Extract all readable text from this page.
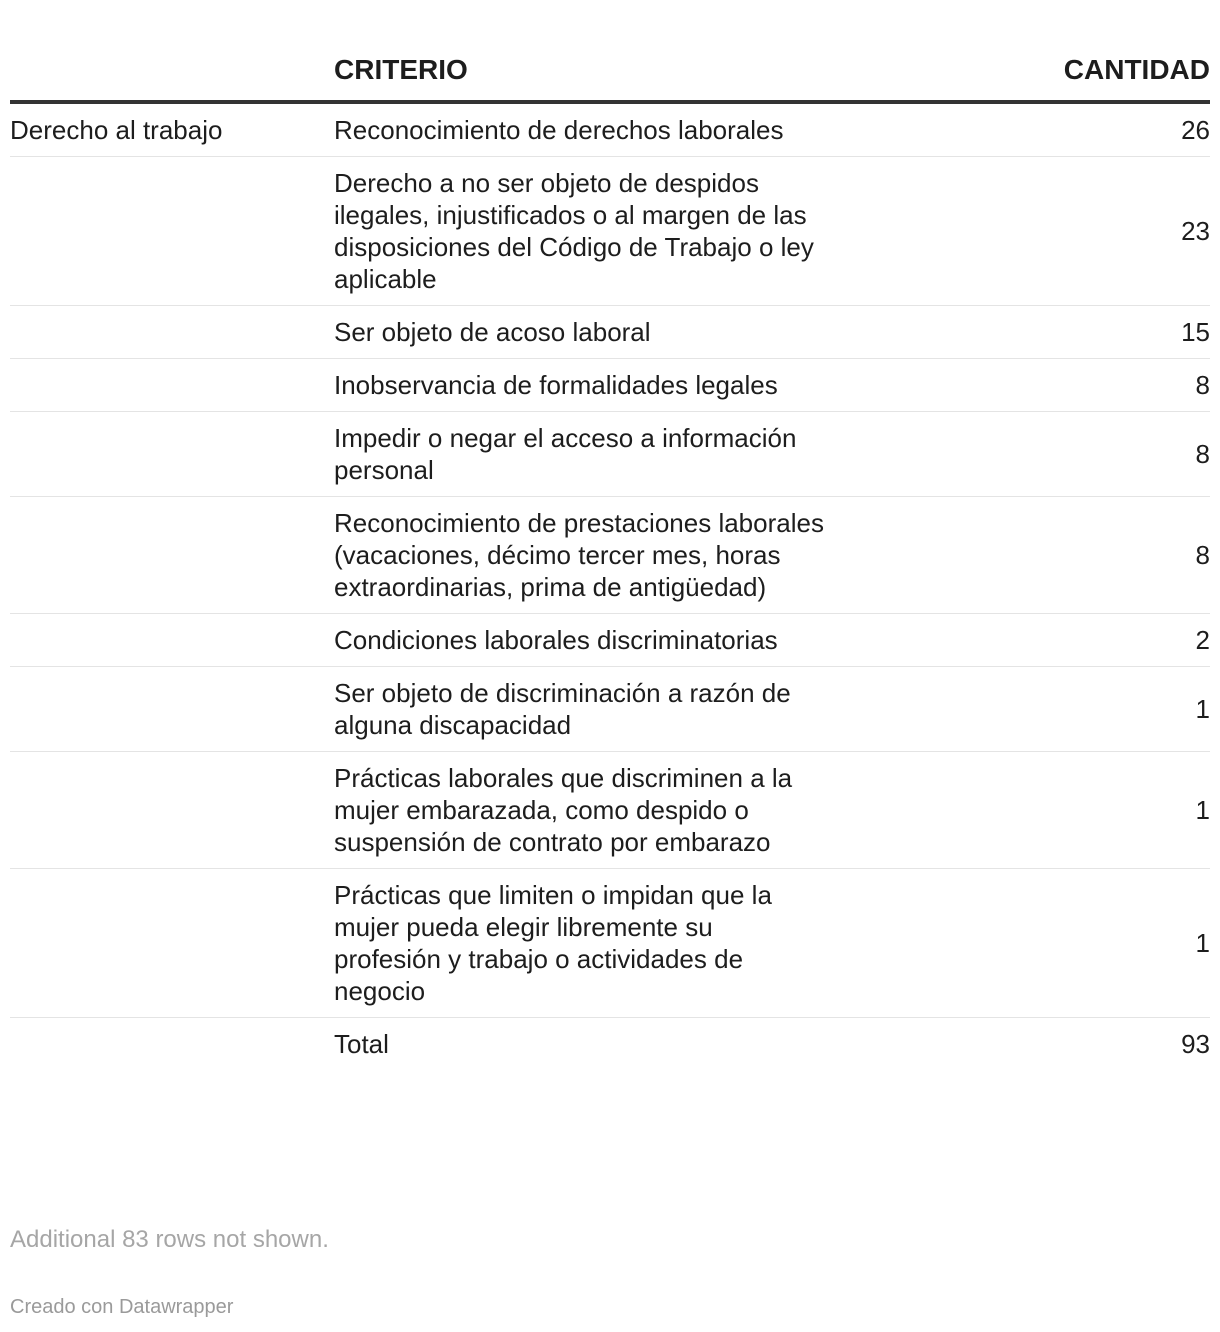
	CRITERIO	CANTIDAD
Derecho al trabajo	Reconocimiento de derechos laborales	26
	Derecho a no ser objeto de despidos ilegales, injustificados o al margen de las disposiciones del Código de Trabajo o ley aplicable	23
	Ser objeto de acoso laboral	15
	Inobservancia de formalidades legales	8
	Impedir o negar el acceso a información personal	8
	Reconocimiento de prestaciones laborales (vacaciones, décimo tercer mes, horas extraordinarias, prima de antigüedad)	8
	Condiciones laborales discriminatorias	2
	Ser objeto de discriminación a razón de alguna discapacidad	1
	Prácticas laborales que discriminen a la mujer embarazada, como despido o suspensión de contrato por embarazo	1
	Prácticas que limiten o impidan que la mujer pueda elegir libremente su profesión y trabajo o actividades de negocio	1
	Total	93
Additional 83 rows not shown.
Creado con Datawrapper
